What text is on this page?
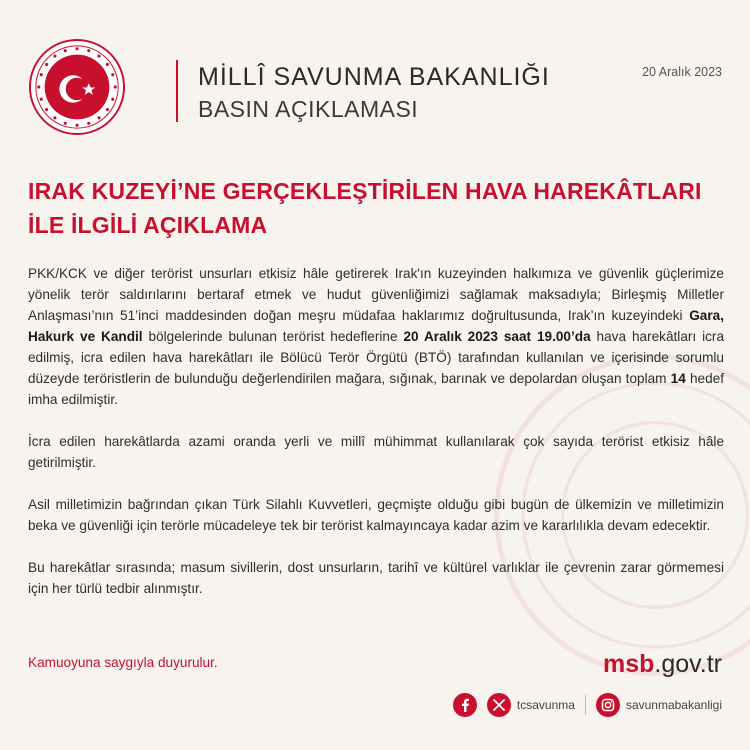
MİLLÎ SAVUNMA BAKANLIĞI
BASIN AÇIKLAMASI
20 Aralık 2023
IRAK KUZEYİ’NE GERÇEKLEŞTİRİLEN HAVA HAREKÂTLARI
İLE İLGİLİ AÇIKLAMA

PKK/KCK ve diğer terörist unsurları etkisiz hâle getirerek Irak'ın kuzeyinden halkımıza ve güvenlik güçlerimize yönelik terör saldırılarını bertaraf etmek ve hudut güvenliğimizi sağlamak maksadıyla; Birleşmiş Milletler Anlaşması’nın 51’inci maddesinden doğan meşru müdafaa haklarımız doğrultusunda, Irak’ın kuzeyindeki Gara, Hakurk ve Kandil bölgelerinde bulunan terörist hedeflerine 20 Aralık 2023 saat 19.00’da hava harekâtları icra edilmiş, icra edilen hava harekâtları ile Bölücü Terör Örgütü (BTÖ) tarafından kullanılan ve içerisinde sorumlu düzeyde teröristlerin de bulunduğu değerlendirilen mağara, sığınak, barınak ve depolardan oluşan toplam 14 hedef imha edilmiştir.

İcra edilen harekâtlarda azami oranda yerli ve millî mühimmat kullanılarak çok sayıda terörist etkisiz hâle getirilmiştir.

Asil milletimizin bağrından çıkan Türk Silahlı Kuvvetleri, geçmişte olduğu gibi bugün de ülkemizin ve milletimizin beka ve güvenliği için terörle mücadeleye tek bir terörist kalmayıncaya kadar azim ve kararlılıkla devam edecektir.

Bu harekâtlar sırasında; masum sivillerin, dost unsurların, tarihî ve kültürel varlıklar ile çevrenin zarar görmemesi için her türlü tedbir alınmıştır.

Kamuoyuna saygıyla duyurulur.	msb.gov.tr
tcsavunma	savunmabakanligi
